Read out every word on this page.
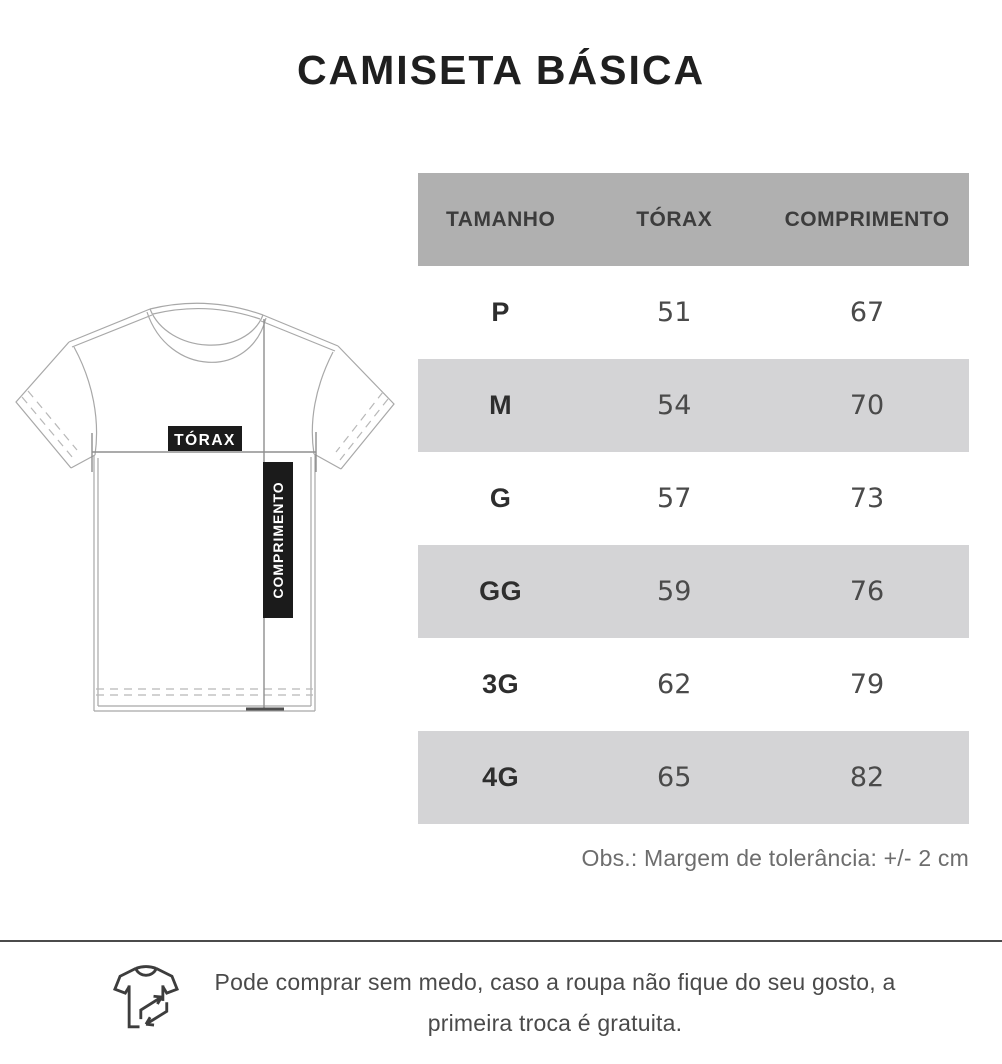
CAMISETA BÁSICA
TÓRAX
COMPRIMENTO
TAMANHO	TÓRAX	COMPRIMENTO
P	51	67
M	54	70
G	57	73
GG	59	76
3G	62	79
4G	65	82
Obs.: Margem de tolerância: +/- 2 cm
Pode comprar sem medo, caso a roupa não fique do seu gosto, a
primeira troca é gratuita.
